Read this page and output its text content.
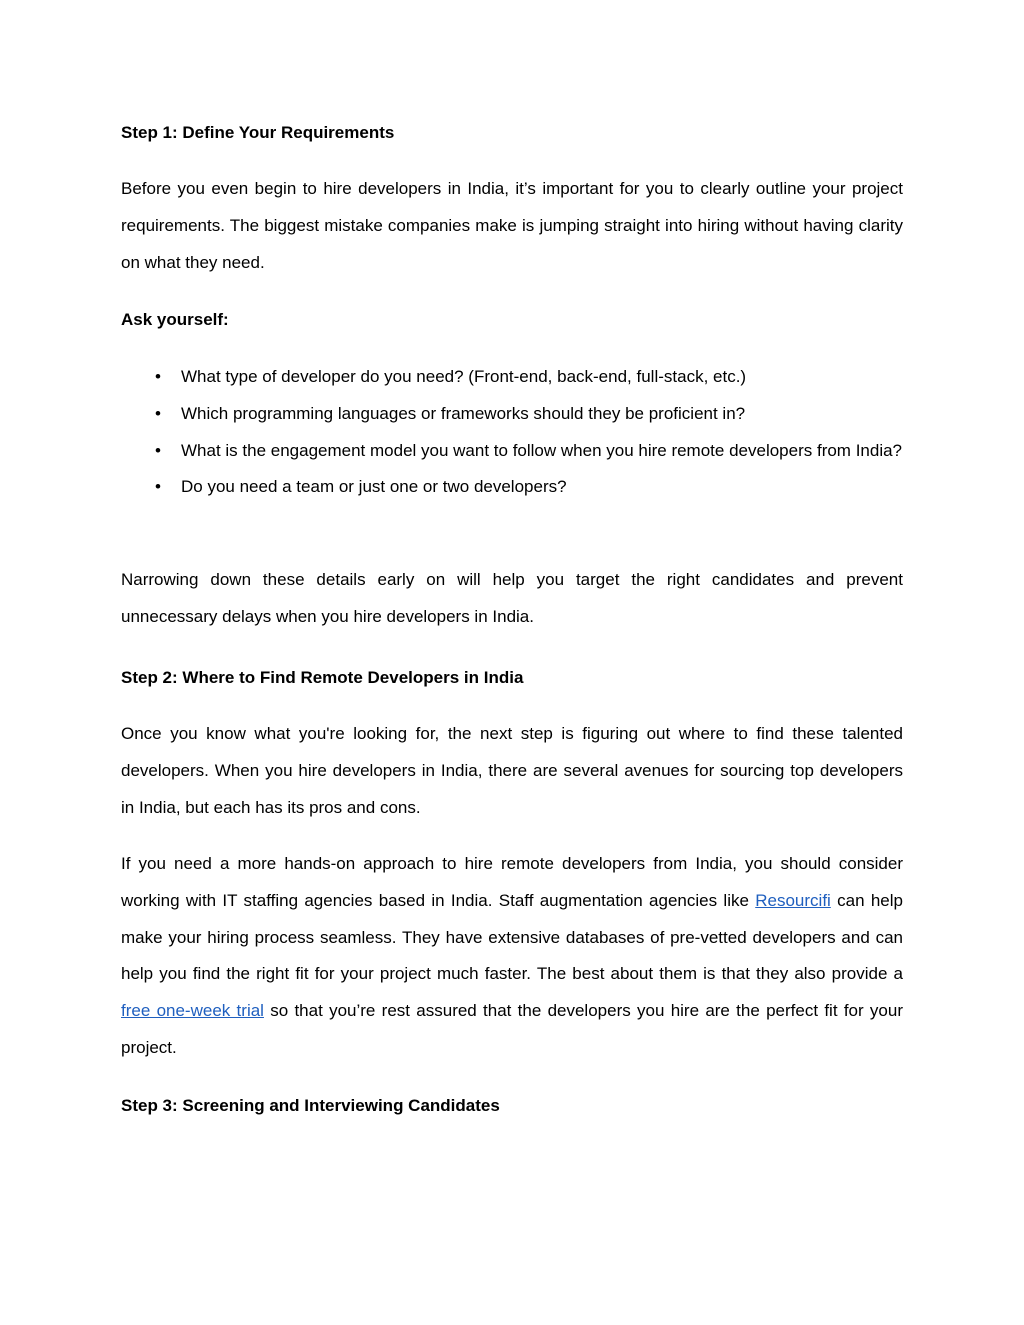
Step 1: Define Your Requirements

Before you even begin to hire developers in India, it’s important for you to clearly outline your project requirements. The biggest mistake companies make is jumping straight into hiring without having clarity on what they need.

Ask yourself:
• What type of developer do you need? (Front-end, back-end, full-stack, etc.)
• Which programming languages or frameworks should they be proficient in?
• What is the engagement model you want to follow when you hire remote developers from India?
• Do you need a team or just one or two developers?

Narrowing down these details early on will help you target the right candidates and prevent unnecessary delays when you hire developers in India.

Step 2: Where to Find Remote Developers in India

Once you know what you're looking for, the next step is figuring out where to find these talented developers. When you hire developers in India, there are several avenues for sourcing top developers in India, but each has its pros and cons.

If you need a more hands-on approach to hire remote developers from India, you should consider working with IT staffing agencies based in India. Staff augmentation agencies like Resourcifi can help make your hiring process seamless. They have extensive databases of pre-vetted developers and can help you find the right fit for your project much faster. The best about them is that they also provide a free one-week trial so that you’re rest assured that the developers you hire are the perfect fit for your project.

Step 3: Screening and Interviewing Candidates
